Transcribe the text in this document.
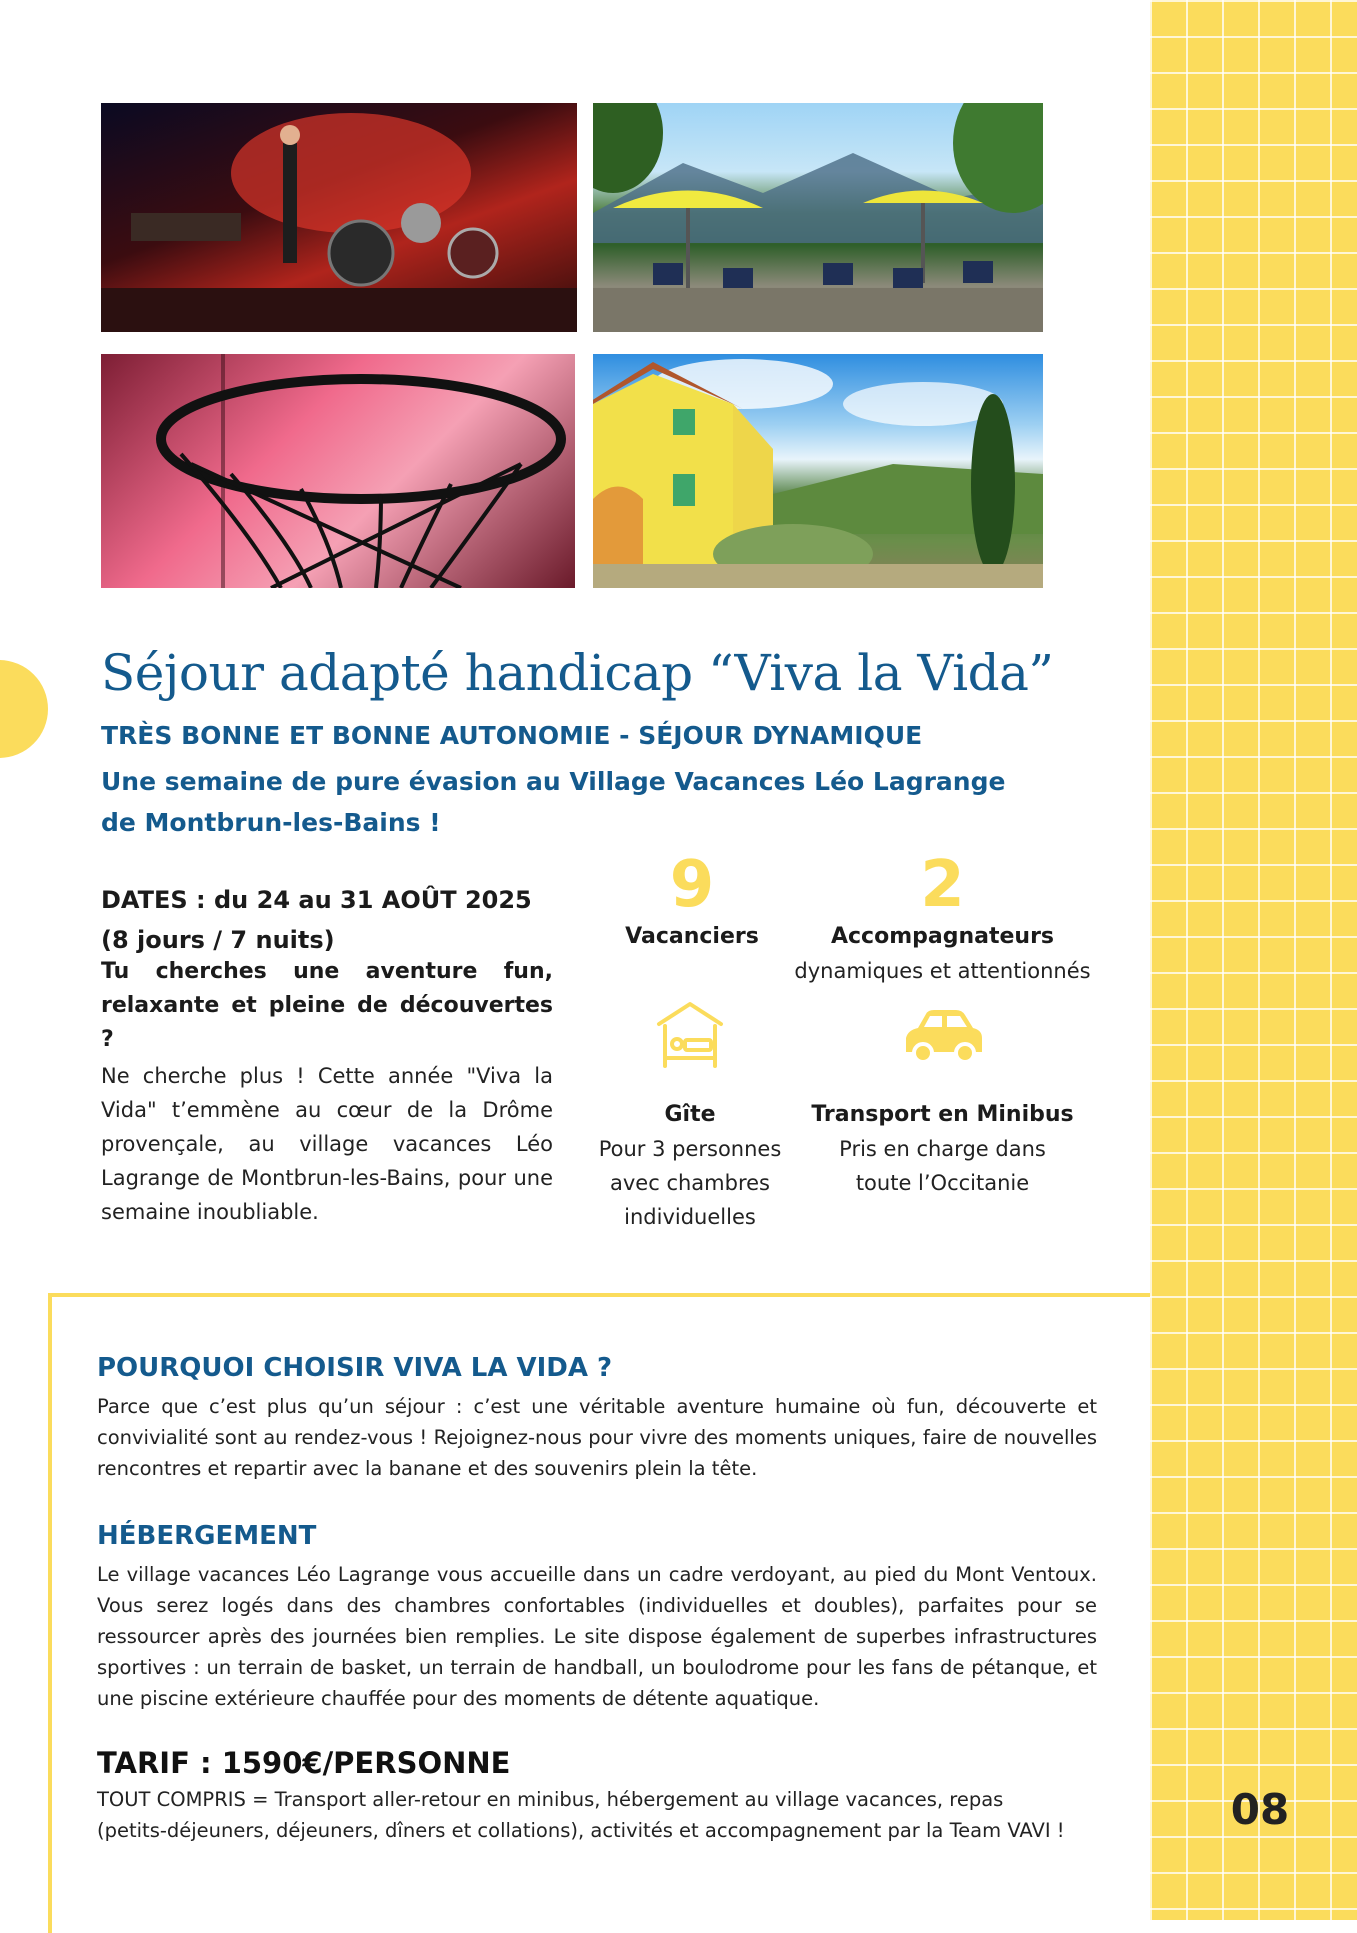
08
Séjour adapté handicap “Viva la Vida”
TRÈS BONNE ET BONNE AUTONOMIE - SÉJOUR DYNAMIQUE
Une semaine de pure évasion au Village Vacances Léo Lagrange
de Montbrun-les-Bains !
DATES : du 24 au 31 AOÛT 2025
(8 jours / 7 nuits)
Tu cherches une aventure fun,
relaxante et pleine de découvertes ?
Ne cherche plus ! Cette année "Viva la Vida" t’emmène au cœur de la Drôme provençale, au village vacances Léo Lagrange de Montbrun-les-Bains, pour une semaine inoubliable.
9
Vacanciers
2
Accompagnateurs
dynamiques et attentionnés
Gîte
Pour 3 personnes
avec chambres
individuelles
Transport en Minibus
Pris en charge dans
toute l’Occitanie
POURQUOI CHOISIR VIVA LA VIDA ?
Parce que c’est plus qu’un séjour : c’est une véritable aventure humaine où fun, découverte et convivialité sont au rendez-vous ! Rejoignez-nous pour vivre des moments uniques, faire de nouvelles rencontres et repartir avec la banane et des souvenirs plein la tête.
HÉBERGEMENT
Le village vacances Léo Lagrange vous accueille dans un cadre verdoyant, au pied du Mont Ventoux. Vous serez logés dans des chambres confortables (individuelles et doubles), parfaites pour se ressourcer après des journées bien remplies. Le site dispose également de superbes infrastructures sportives : un terrain de basket, un terrain de handball, un boulodrome pour les fans de pétanque, et une piscine extérieure chauffée pour des moments de détente aquatique.
TARIF : 1590€/PERSONNE
TOUT COMPRIS = Transport aller-retour en minibus, hébergement au village vacances, repas
(petits-déjeuners, déjeuners, dîners et collations), activités et accompagnement par la Team VAVI !
